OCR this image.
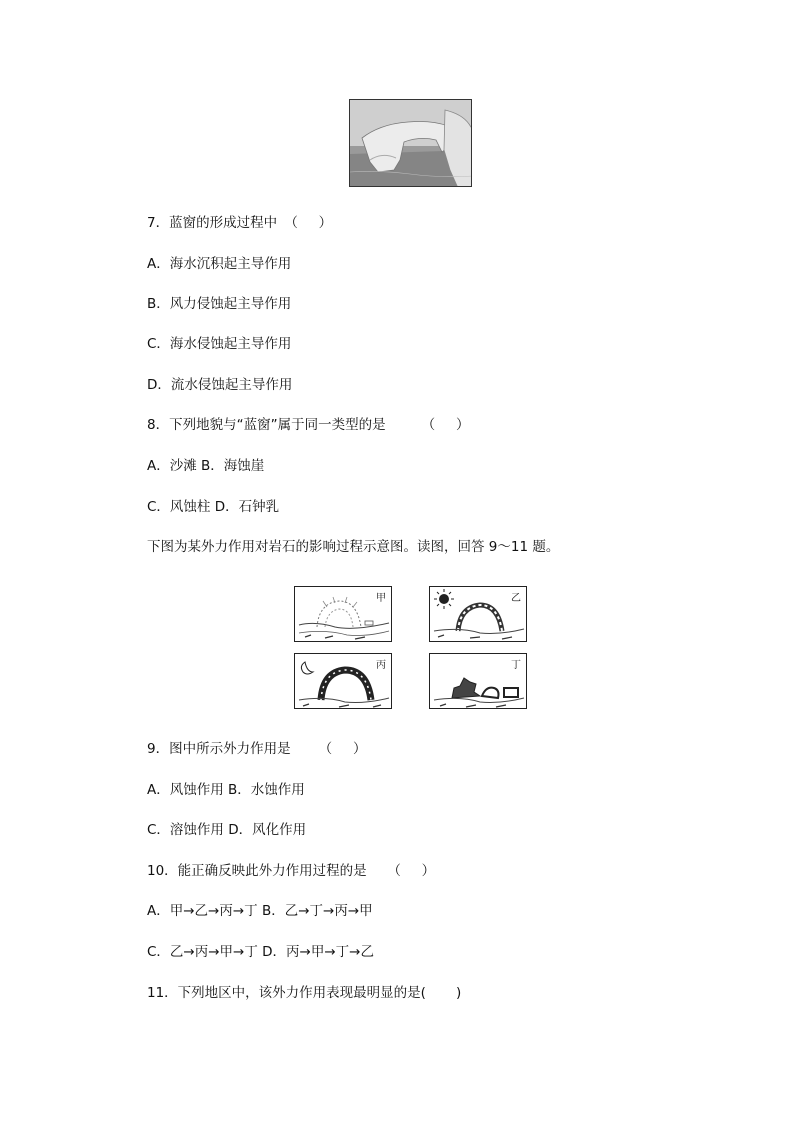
7．蓝窗的形成过程中	（	）
A．海水沉积起主导作用
B．风力侵蚀起主导作用
C．海水侵蚀起主导作用
D．流水侵蚀起主导作用
8．下列地貌与“蓝窗”属于同一类型的是	（	）
A．沙滩 B．海蚀崖
C．风蚀柱 D．石钟乳
下图为某外力作用对岩石的影响过程示意图。读图，回答 9～11 题。
甲	乙
丙	丁
9．图中所示外力作用是	（	）
A．风蚀作用 B．水蚀作用
C．溶蚀作用 D．风化作用
10．能正确反映此外力作用过程的是	（	）
A．甲→乙→丙→丁 B．乙→丁→丙→甲
C．乙→丙→甲→丁 D．丙→甲→丁→乙
11．下列地区中，该外力作用表现最明显的是(	)
